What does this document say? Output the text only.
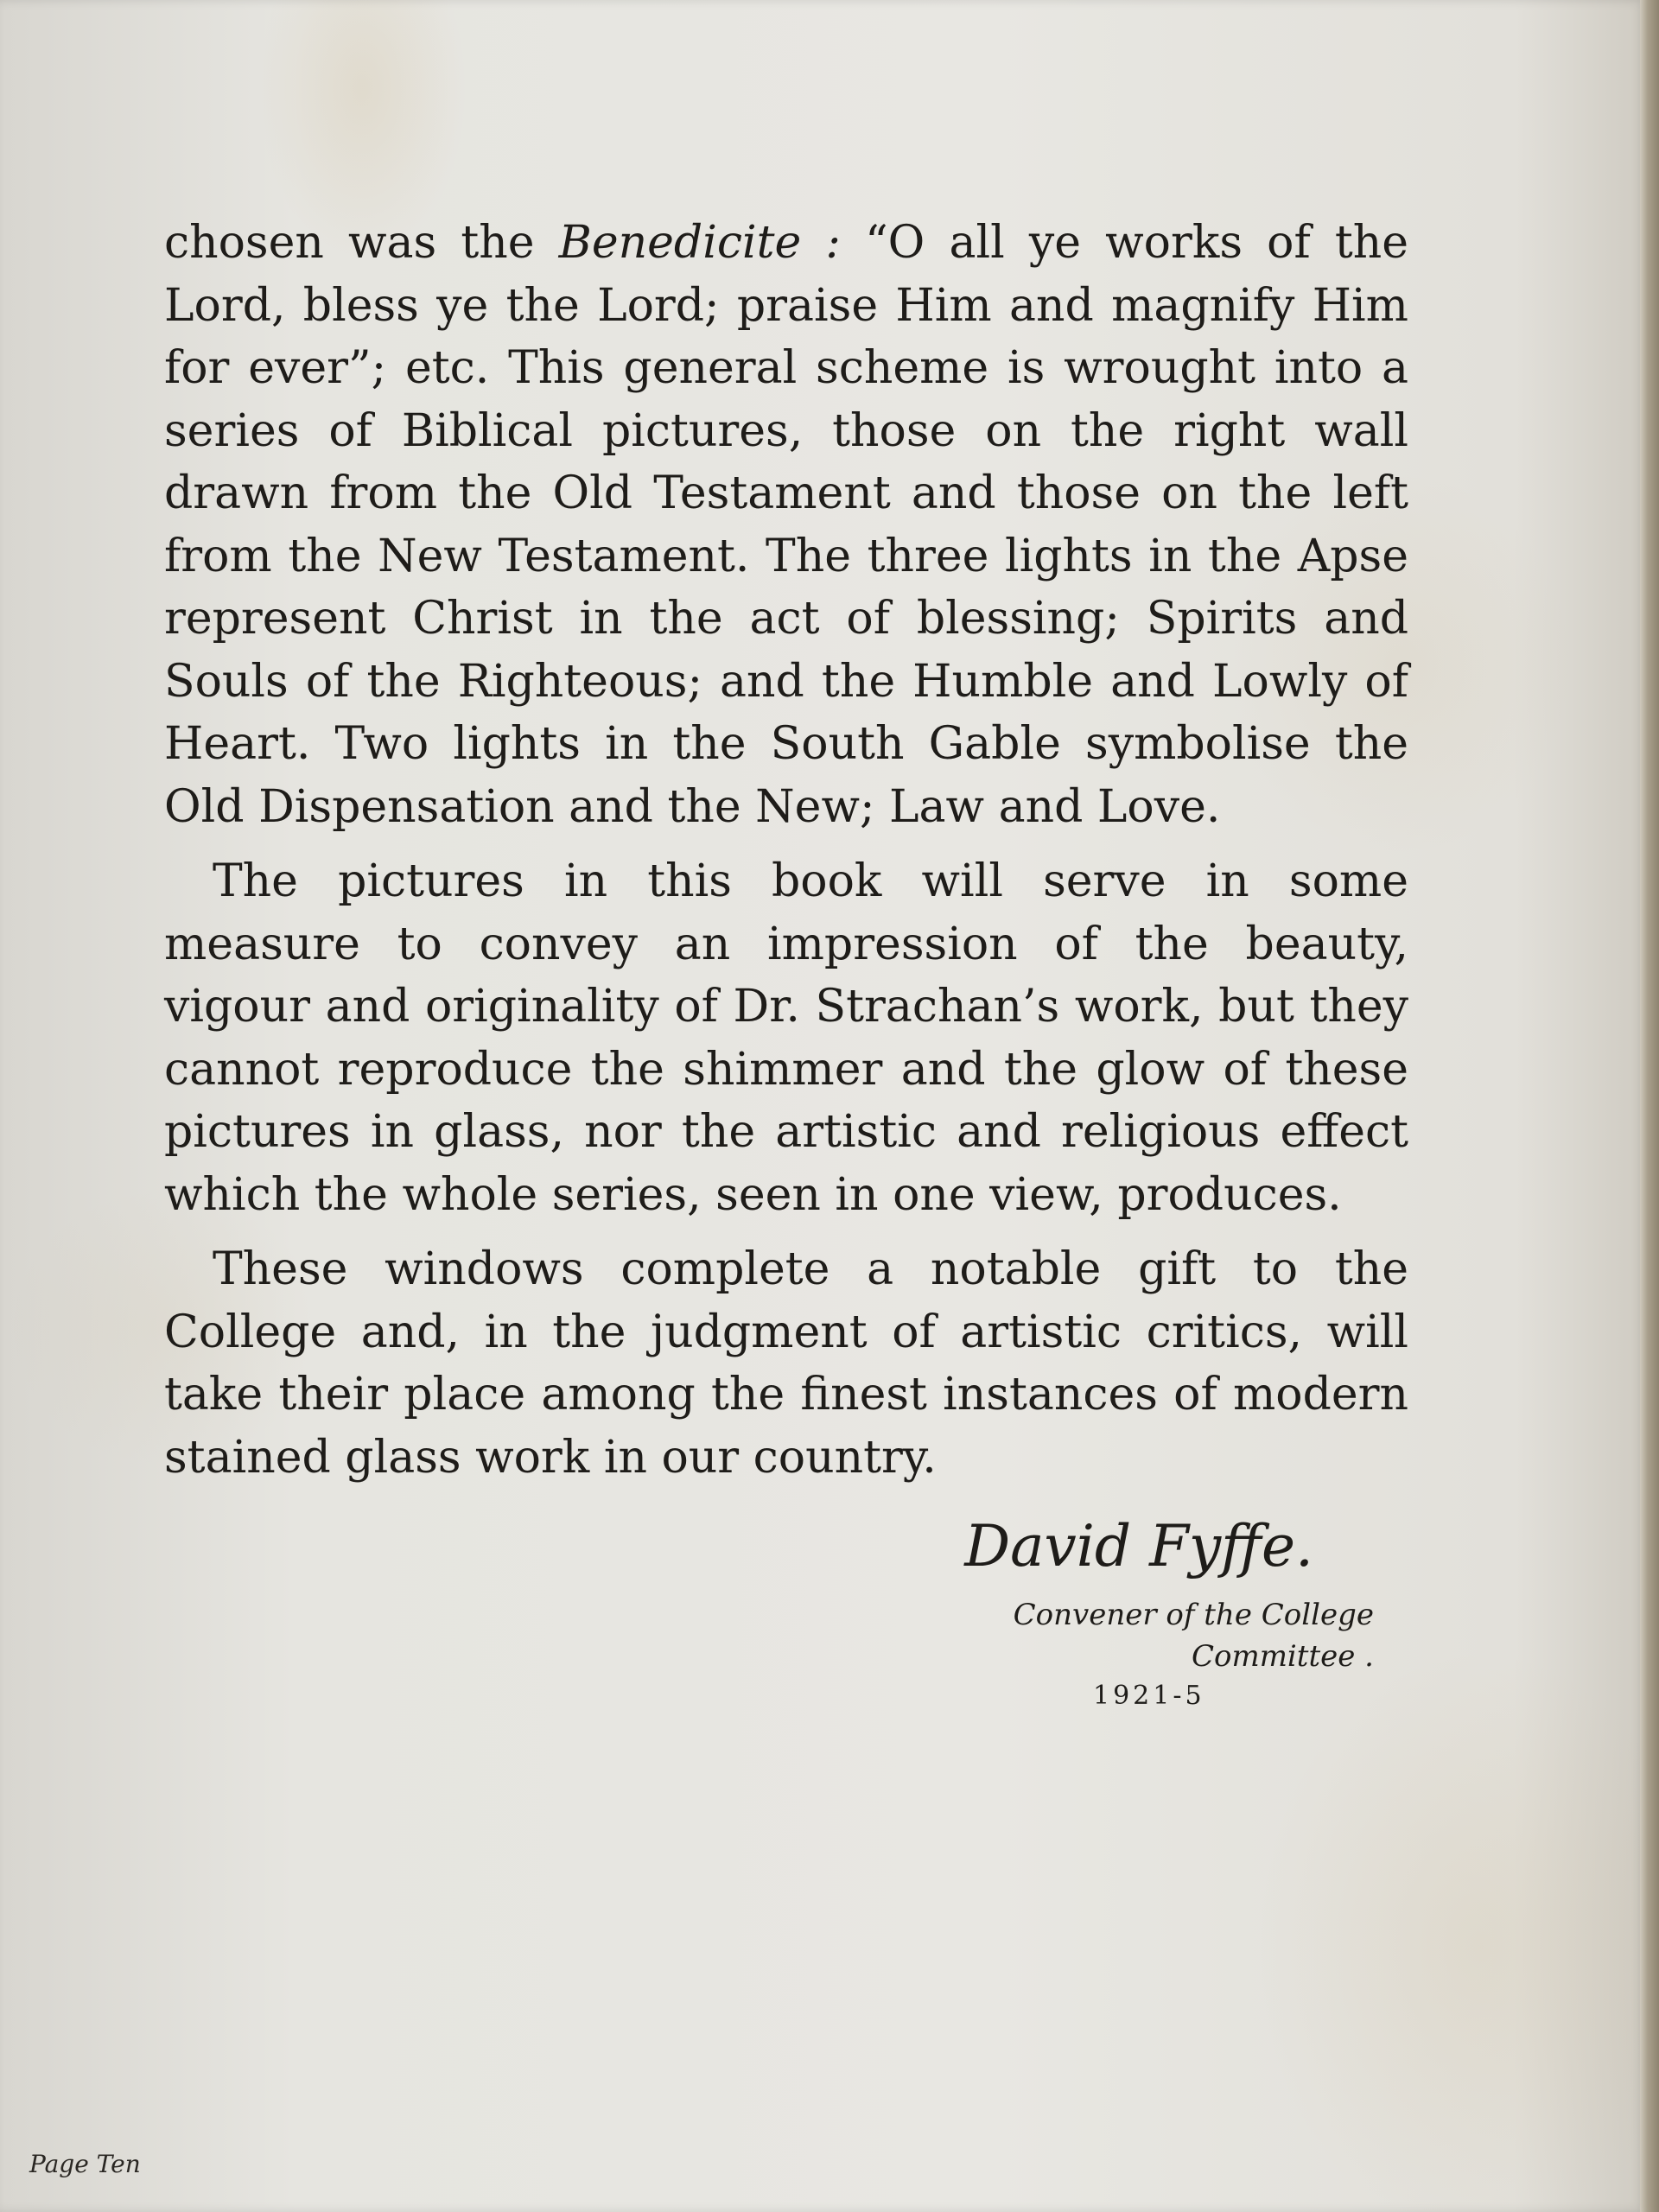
chosen was the Benedicite : “O all ye works of the Lord, bless ye the Lord; praise Him and magnify Him for ever”; etc. This general scheme is wrought into a series of Biblical pictures, those on the right wall drawn from the Old Testament and those on the left from the New Testament. The three lights in the Apse represent Christ in the act of blessing; Spirits and Souls of the Righteous; and the Humble and Lowly of Heart. Two lights in the South Gable symbolise the Old Dispensation and the New; Law and Love.

The pictures in this book will serve in some measure to convey an impression of the beauty, vigour and originality of Dr. Strachan’s work, but they cannot reproduce the shimmer and the glow of these pictures in glass, nor the artistic and religious effect which the whole series, seen in one view, produces.

These windows complete a notable gift to the College and, in the judgment of artistic critics, will take their place among the finest instances of modern stained glass work in our country.

David Fyffe.
Convener of the College Committee .
1921-5
Page Ten
